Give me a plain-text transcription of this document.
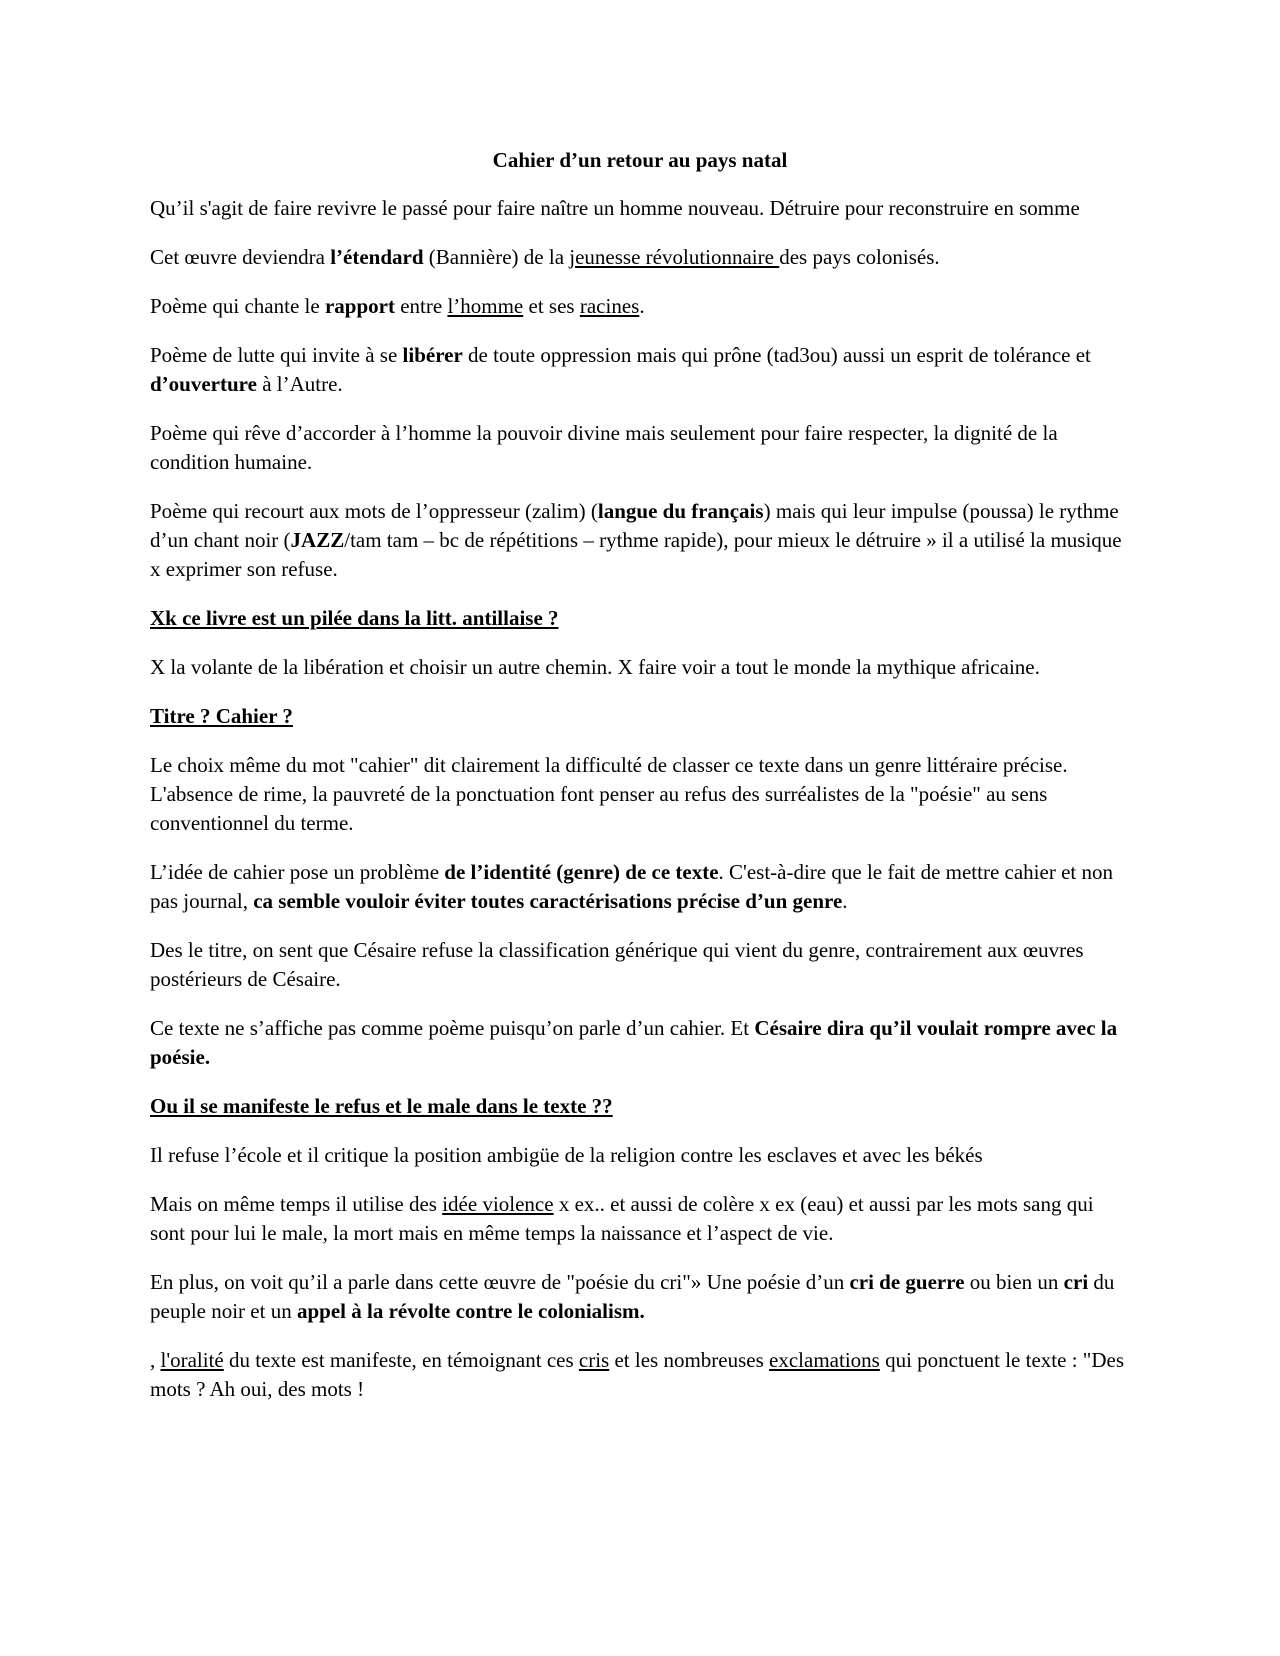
Cahier d’un retour au pays natal
Qu’il s'agit de faire revivre le passé pour faire naître un homme nouveau. Détruire pour reconstruire en somme
Cet œuvre deviendra l’étendard (Bannière) de la jeunesse révolutionnaire des pays colonisés.
Poème qui chante le rapport entre l’homme et ses racines.
Poème de lutte qui invite à se libérer de toute oppression mais qui prône (tad3ou) aussi un esprit de tolérance et d’ouverture à l’Autre.
Poème qui rêve d’accorder à l’homme la pouvoir divine mais seulement pour faire respecter, la dignité de la condition humaine.
Poème qui recourt aux mots de l’oppresseur (zalim) (langue du français) mais qui leur impulse (poussa) le rythme d’un chant noir (JAZZ/tam tam – bc de répétitions – rythme rapide), pour mieux le détruire » il a utilisé la musique x exprimer son refuse.
Xk ce livre est un pilée dans la litt. antillaise ?
X la volante de la libération et choisir un autre chemin. X faire voir a tout le monde la mythique africaine.
Titre ? Cahier ?
Le choix même du mot "cahier" dit clairement la difficulté de classer ce texte dans un genre littéraire précise. L'absence de rime, la pauvreté de la ponctuation font penser au refus des surréalistes de la "poésie" au sens conventionnel du terme.
L’idée de cahier pose un problème de l’identité (genre) de ce texte. C'est-à-dire que le fait de mettre cahier et non pas journal, ca semble vouloir éviter toutes caractérisations précise d’un genre.
Des le titre, on sent que Césaire refuse la classification générique qui vient du genre, contrairement aux œuvres postérieurs de Césaire.
Ce texte ne s’affiche pas comme poème puisqu’on parle d’un cahier. Et Césaire dira qu’il voulait rompre avec la poésie.
Ou il se manifeste le refus et le male dans le texte ??
Il refuse l’école et il critique la position ambigüe de la religion contre les esclaves et avec les békés
Mais on même temps il utilise des idée violence x ex.. et aussi de colère x ex (eau) et aussi par les mots sang qui sont pour lui le male, la mort mais en même temps la naissance et l’aspect de vie.
En plus, on voit qu’il a parle dans cette œuvre de "poésie du cri"» Une poésie d’un cri de guerre ou bien un cri du peuple noir et un appel à la révolte contre le colonialism.
, l'oralité du texte est manifeste, en témoignant ces cris et les nombreuses exclamations qui ponctuent le texte : "Des mots ? Ah oui, des mots !
